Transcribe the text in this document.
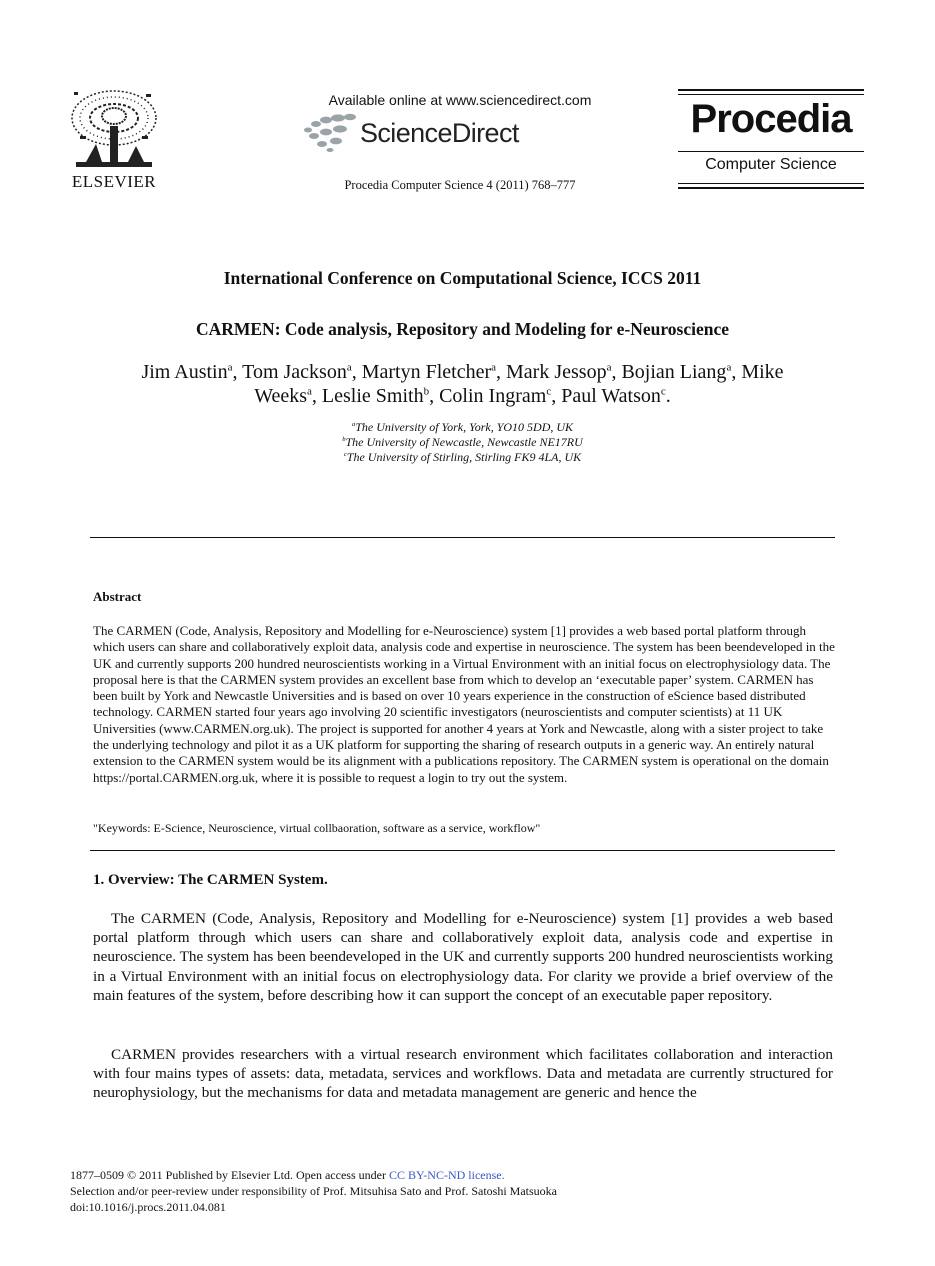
ELSEVIER
Available online at www.sciencedirect.com
ScienceDirect
Procedia Computer Science 4 (2011) 768–777
Procedia
Computer Science
International Conference on Computational Science, ICCS 2011
CARMEN: Code analysis, Repository and Modeling for e-Neuroscience
Jim Austin$^a$, Tom Jackson$^a$, Martyn Fletcher$^a$, Mark Jessop$^a$, Bojian Liang$^a$, Mike Weeks$^a$, Leslie Smith$^b$, Colin Ingram$^c$, Paul Watson$^c$.
$^a$The University of York, York, YO10 5DD, UK
$^b$The University of Newcastle, Newcastle NE17RU
$^c$The University of Stirling, Stirling FK9 4LA, UK
Abstract
The CARMEN (Code, Analysis, Repository and Modelling for e-Neuroscience) system [1] provides a web based portal platform through which users can share and collaboratively exploit data, analysis code and expertise in neuroscience. The system has been beendeveloped in the UK and currently supports 200 hundred neuroscientists working in a Virtual Environment with an initial focus on electrophysiology data. The proposal here is that the CARMEN system provides an excellent base from which to develop an ‘executable paper’ system. CARMEN has been built by York and Newcastle Universities and is based on over 10 years experience in the construction of eScience based distributed technology. CARMEN started four years ago involving 20 scientific investigators (neuroscientists and computer scientists) at 11 UK Universities (www.CARMEN.org.uk). The project is supported for another 4 years at York and Newcastle, along with a sister project to take the underlying technology and pilot it as a UK platform for supporting the sharing of research outputs in a generic way. An entirely natural extension to the CARMEN system would be its alignment with a publications repository. The CARMEN system is operational on the domain https://portal.CARMEN.org.uk, where it is possible to request a login to try out the system.
"Keywords: E-Science, Neuroscience, virtual collbaoration, software as a service, workflow"
1. Overview: The CARMEN System.
The CARMEN (Code, Analysis, Repository and Modelling for e-Neuroscience) system [1] provides a web based portal platform through which users can share and collaboratively exploit data, analysis code and expertise in neuroscience. The system has been beendeveloped in the UK and currently supports 200 hundred neuroscientists working in a Virtual Environment with an initial focus on electrophysiology data. For clarity we provide a brief overview of the main features of the system, before describing how it can support the concept of an executable paper repository.
CARMEN provides researchers with a virtual research environment which facilitates collaboration and interaction with four mains types of assets: data, metadata, services and workflows. Data and metadata are currently structured for neurophysiology, but the mechanisms for data and metadata management are generic and hence the
1877–0509 © 2011 Published by Elsevier Ltd. Open access under CC BY-NC-ND license.
Selection and/or peer-review under responsibility of Prof. Mitsuhisa Sato and Prof. Satoshi Matsuoka
doi:10.1016/j.procs.2011.04.081
